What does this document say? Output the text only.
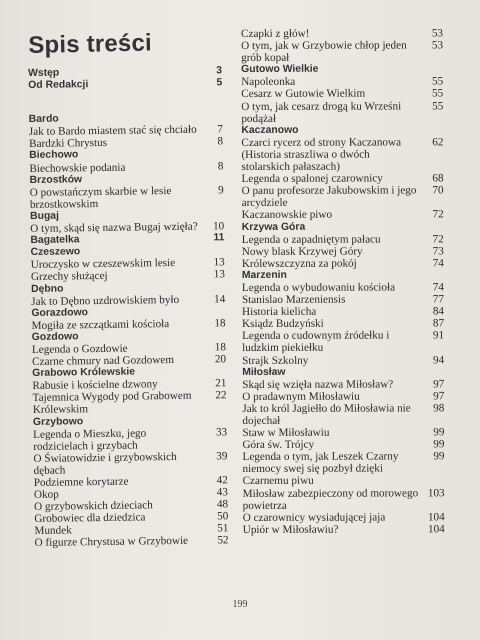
Spis treści
Wstęp	3
Od Redakcji	5
Bardo
Jak to Bardo miastem stać się chciało	7
Bardzki Chrystus	8
Biechowo
Biechowskie podania	8
Brzostków
O powstańczym skarbie w lesie brzostkowskim
9
Bugaj
O tym, skąd się nazwa Bugaj wzięła?	10
Bagatelka	11
Czeszewo
Uroczysko w czeszewskim lesie	13
Grzechy służącej	13
Dębno
Jak to Dębno uzdrowiskiem było	14
Gorazdowo
Mogiła ze szczątkami kościoła	18
Gozdowo
Legenda o Gozdowie	18
Czarne chmury nad Gozdowem	20
Grabowo Królewskie
Rabusie i kościelne dzwony	21
Tajemnica Wygody pod Grabowem Królewskim
22
Grzybowo
Legenda o Mieszku, jego rodzicielach i grzybach
33
O Światowidzie i grzybowskich dębach
39
Podziemne korytarze	42
Okop	43
O grzybowskich dzieciach	48
Grobowiec dla dziedzica	50
Mundek	51
O figurze Chrystusa w Grzybowie	52
Czapki z głów!	53
O tym, jak w Grzybowie chłop jeden grób kopał
53
Gutowo Wielkie
Napoleonka	55
Cesarz w Gutowie Wielkim	55
O tym, jak cesarz drogą ku Wrześni podążał
55
Kaczanowo
Czarci rycerz od strony Kaczanowa (Historia straszliwa o dwóch stolarskich pałaszach)
62
Legenda o spalonej czarownicy	68
O panu profesorze Jakubowskim i jego arcydziele
70
Kaczanowskie piwo	72
Krzywa Góra
Legenda o zapadniętym pałacu	72
Nowy blask Krzywej Góry	73
Królewszczyzna za pokój	74
Marzenin
Legenda o wybudowaniu kościoła	74
Stanislao Marzeniensis	77
Historia kielicha	84
Ksiądz Budzyński	87
Legenda o cudownym źródełku i ludzkim piekiełku
91
Strajk Szkolny	94
Miłosław
Skąd się wzięła nazwa Miłosław?	97
O pradawnym Miłosławiu	97
Jak to król Jagiełło do Miłosławia nie dojechał
98
Staw w Miłosławiu	99
Góra św. Trójcy	99
Legenda o tym, jak Leszek Czarny niemocy swej się pozbył dzięki Czarnemu piwu
99
Miłosław zabezpieczony od morowego powietrza
103
O czarownicy wysiadującej jaja	104
Upiór w Miłosławiu?	104
199
